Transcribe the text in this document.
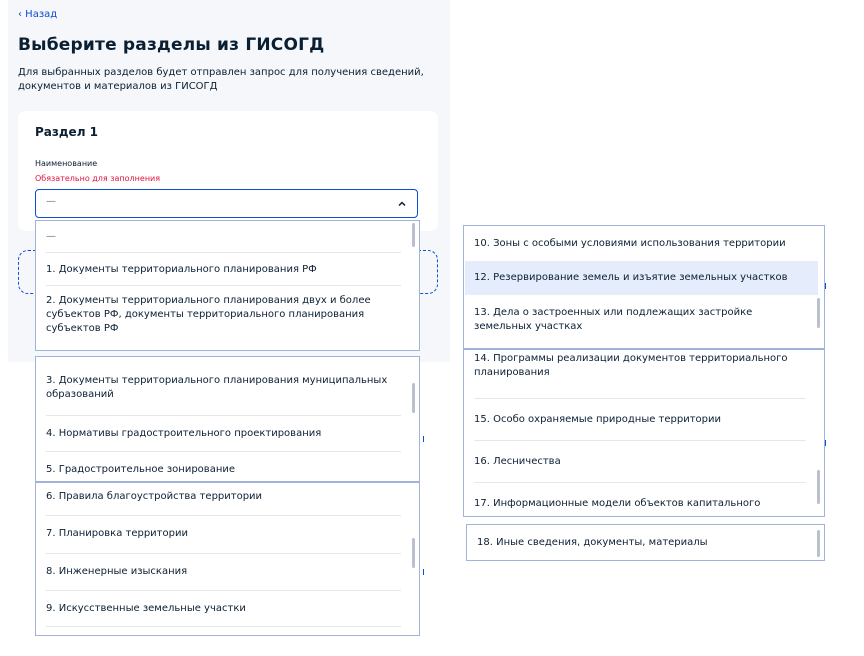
‹ Назад
Выберите разделы из ГИСОГД

Для выбранных разделов будет отправлен запрос для получения сведений, документов и материалов из ГИСОГД

Раздел 1
Наименование
Обязательно для заполнения
—
—
1. Документы территориального планирования РФ
2. Документы территориального планирования двух и более субъектов РФ, документы территориального планирования субъектов РФ
3. Документы территориального планирования муниципальных образований
4. Нормативы градостроительного проектирования
5. Градостроительное зонирование
6. Правила благоустройства территории
7. Планировка территории
8. Инженерные изыскания
9. Искусственные земельные участки
10. Зоны с особыми условиями использования территории
12. Резервирование земель и изъятие земельных участков
13. Дела о застроенных или подлежащих застройке земельных участках
14. Программы реализации документов территориального планирования
15. Особо охраняемые природные территории
16. Лесничества
17. Информационные модели объектов капитального
18. Иные сведения, документы, материалы
